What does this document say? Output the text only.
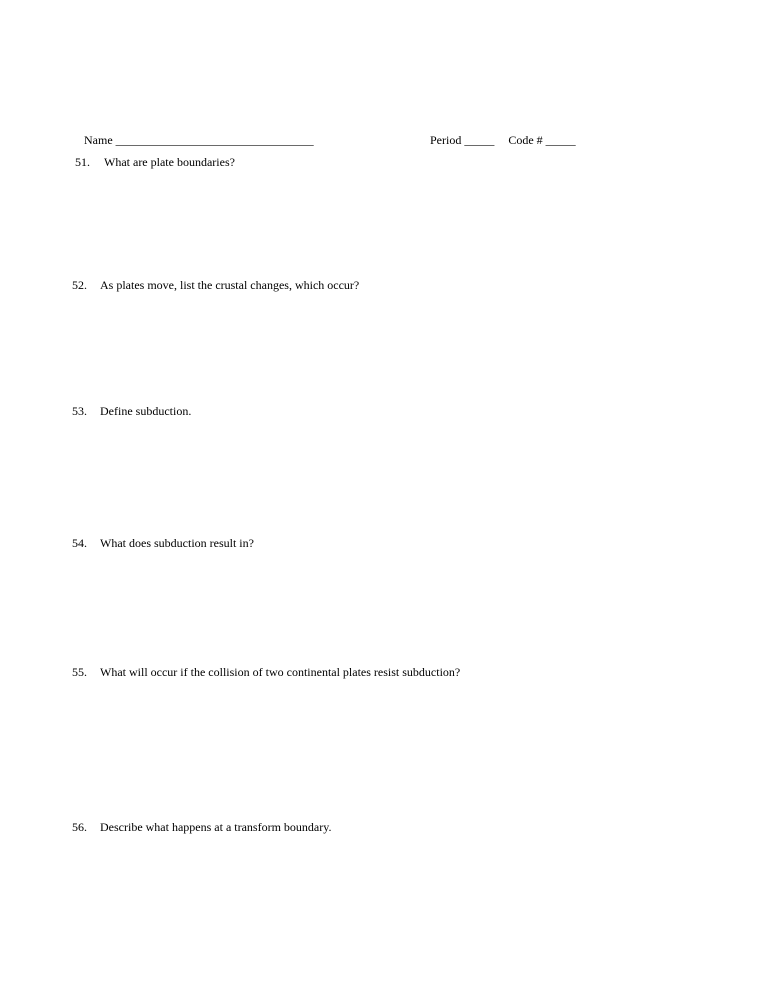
Name _________________________________
	Period _____ Code # _____

51. What are plate boundaries?
52. As plates move, list the crustal changes, which occur?
53. Define subduction.
54. What does subduction result in?
55. What will occur if the collision of two continental plates resist subduction?
56. Describe what happens at a transform boundary.
